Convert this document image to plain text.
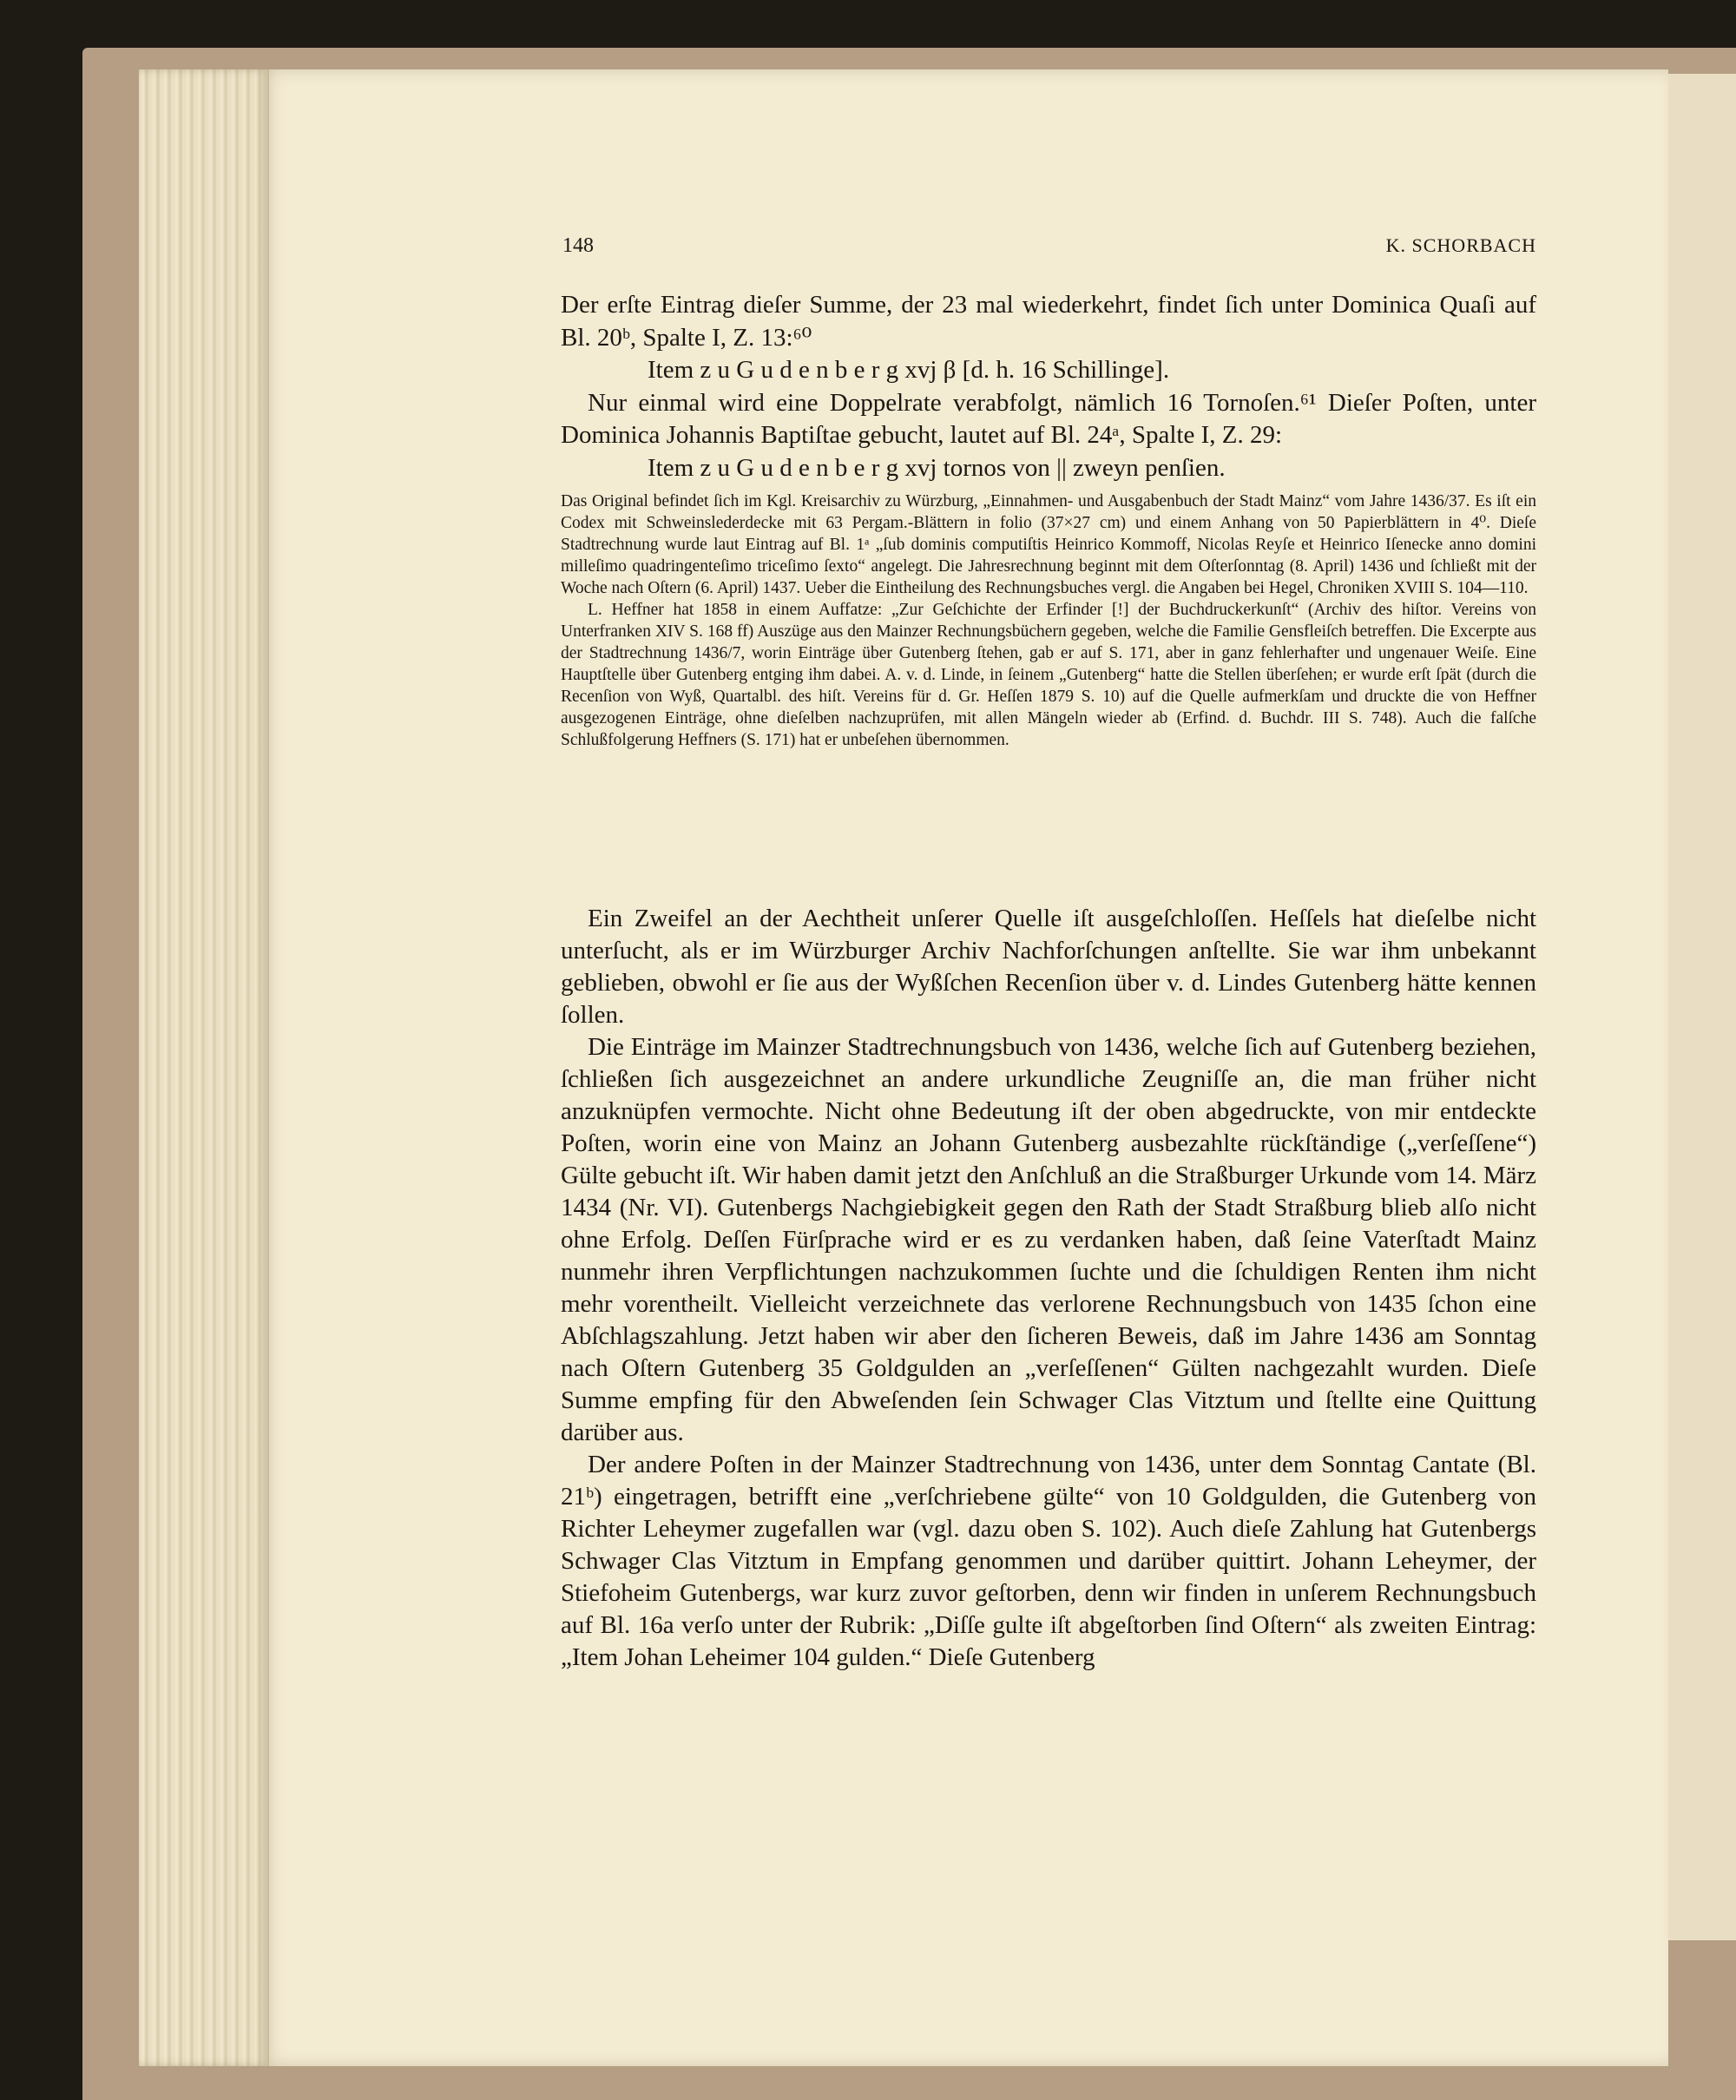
148	K. SCHORBACH

Der erſte Eintrag dieſer Summe, der 23 mal wiederkehrt, findet ſich unter Dominica Quaſi auf Bl. 20ᵇ, Spalte I, Z. 13:⁶⁰

Item z u G u d e n b e r g xvj β [d. h. 16 Schillinge].

Nur einmal wird eine Doppelrate verabfolgt, nämlich 16 Tornoſen.⁶¹ Dieſer Poſten, unter Dominica Johannis Baptiſtae gebucht, lautet auf Bl. 24ᵃ, Spalte I, Z. 29:

Item z u G u d e n b e r g xvj tornos von || zweyn penſien.

Das Original befindet ſich im Kgl. Kreisarchiv zu Würzburg, „Einnahmen- und Ausgabenbuch der Stadt Mainz“ vom Jahre 1436/37. Es iſt ein Codex mit Schweinslederdecke mit 63 Pergam.-Blättern in folio (37×27 cm) und einem Anhang von 50 Papierblättern in 4⁰. Dieſe Stadtrechnung wurde laut Eintrag auf Bl. 1ᵃ „ſub dominis computiſtis Heinrico Kommoff, Nicolas Reyſe et Heinrico Iſenecke anno domini milleſimo quadringenteſimo triceſimo ſexto“ angelegt. Die Jahresrechnung beginnt mit dem Oſterſonntag (8. April) 1436 und ſchließt mit der Woche nach Oſtern (6. April) 1437. Ueber die Eintheilung des Rechnungsbuches vergl. die Angaben bei Hegel, Chroniken XVIII S. 104—110.

L. Heffner hat 1858 in einem Auffatze: „Zur Geſchichte der Erfinder [!] der Buchdruckerkunſt“ (Archiv des hiſtor. Vereins von Unterfranken XIV S. 168 ff) Auszüge aus den Mainzer Rechnungsbüchern gegeben, welche die Familie Gensfleiſch betreffen. Die Excerpte aus der Stadtrechnung 1436/7, worin Einträge über Gutenberg ſtehen, gab er auf S. 171, aber in ganz fehlerhafter und ungenauer Weiſe. Eine Hauptſtelle über Gutenberg entging ihm dabei. A. v. d. Linde, in ſeinem „Gutenberg“ hatte die Stellen überſehen; er wurde erſt ſpät (durch die Recenſion von Wyß, Quartalbl. des hiſt. Vereins für d. Gr. Heſſen 1879 S. 10) auf die Quelle aufmerkſam und druckte die von Heffner ausgezogenen Einträge, ohne dieſelben nachzuprüfen, mit allen Mängeln wieder ab (Erfind. d. Buchdr. III S. 748). Auch die falſche Schlußfolgerung Heffners (S. 171) hat er unbeſehen übernommen.

Ein Zweifel an der Aechtheit unſerer Quelle iſt ausgeſchloſſen. Heſſels hat dieſelbe nicht unterſucht, als er im Würzburger Archiv Nachforſchungen anſtellte. Sie war ihm unbekannt geblieben, obwohl er ſie aus der Wyßſchen Recenſion über v. d. Lindes Gutenberg hätte kennen ſollen.

Die Einträge im Mainzer Stadtrechnungsbuch von 1436, welche ſich auf Gutenberg beziehen, ſchließen ſich ausgezeichnet an andere urkundliche Zeugniſſe an, die man früher nicht anzuknüpfen vermochte. Nicht ohne Bedeutung iſt der oben abgedruckte, von mir entdeckte Poſten, worin eine von Mainz an Johann Gutenberg ausbezahlte rückſtändige („verſeſſene“) Gülte gebucht iſt. Wir haben damit jetzt den Anſchluß an die Straßburger Urkunde vom 14. März 1434 (Nr. VI). Gutenbergs Nachgiebigkeit gegen den Rath der Stadt Straßburg blieb alſo nicht ohne Erfolg. Deſſen Fürſprache wird er es zu verdanken haben, daß ſeine Vaterſtadt Mainz nunmehr ihren Verpflichtungen nachzukommen ſuchte und die ſchuldigen Renten ihm nicht mehr vorentheilt. Vielleicht verzeichnete das verlorene Rechnungsbuch von 1435 ſchon eine Abſchlagszahlung. Jetzt haben wir aber den ſicheren Beweis, daß im Jahre 1436 am Sonntag nach Oſtern Gutenberg 35 Goldgulden an „verſeſſenen“ Gülten nachgezahlt wurden. Dieſe Summe empfing für den Abweſenden ſein Schwager Clas Vitztum und ſtellte eine Quittung darüber aus.

Der andere Poſten in der Mainzer Stadtrechnung von 1436, unter dem Sonntag Cantate (Bl. 21ᵇ) eingetragen, betrifft eine „verſchriebene gülte“ von 10 Goldgulden, die Gutenberg von Richter Leheymer zugefallen war (vgl. dazu oben S. 102). Auch dieſe Zahlung hat Gutenbergs Schwager Clas Vitztum in Empfang genommen und darüber quittirt. Johann Leheymer, der Stiefoheim Gutenbergs, war kurz zuvor geſtorben, denn wir finden in unſerem Rechnungsbuch auf Bl. 16a verſo unter der Rubrik: „Diſſe gulte iſt abgeſtorben ſind Oſtern“ als zweiten Eintrag: „Item Johan Leheimer 104 gulden.“ Dieſe Gutenberg
